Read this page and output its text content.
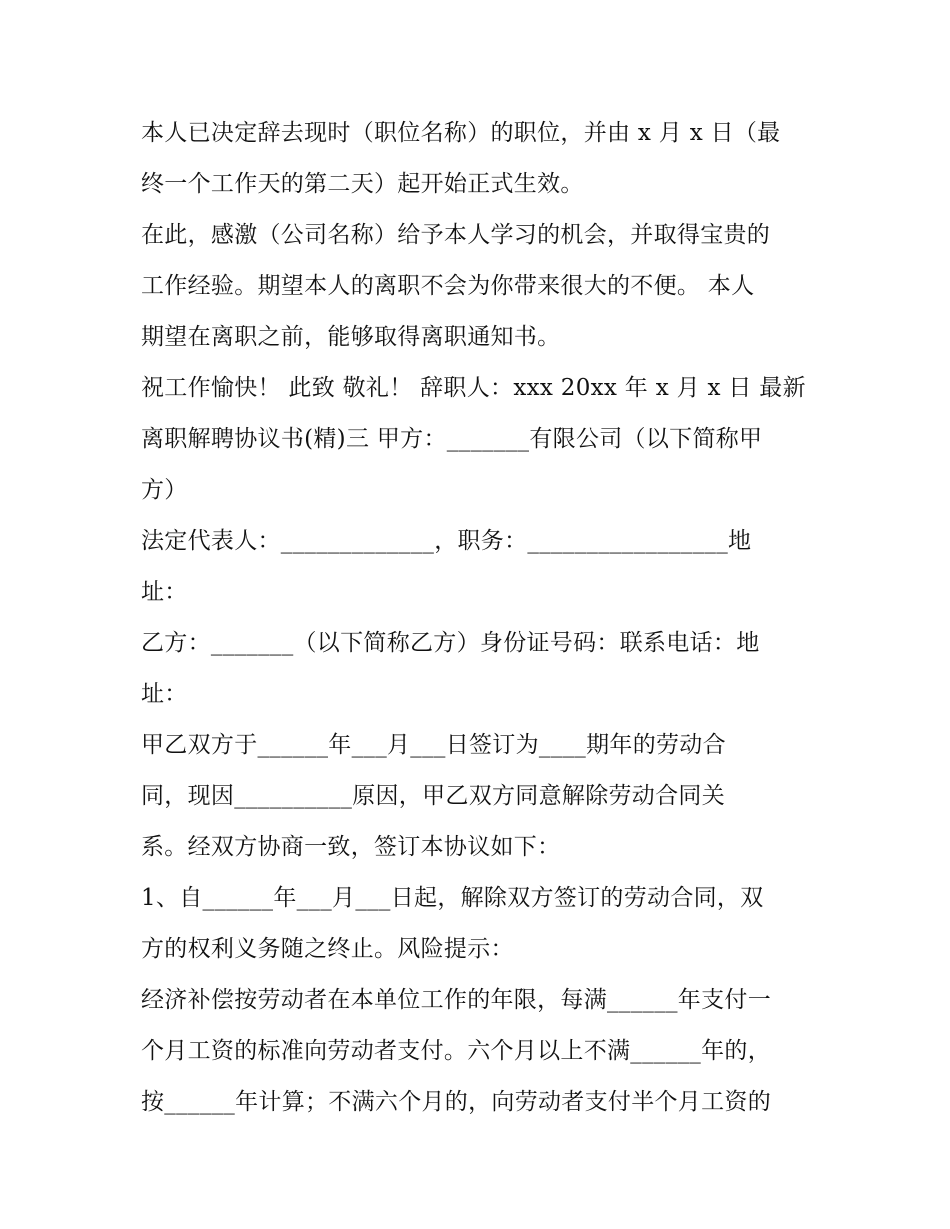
本人已决定辞去现时（职位名称）的职位，并由 x 月 x 日（最
终一个工作天的第二天）起开始正式生效。
在此，感激（公司名称）给予本人学习的机会，并取得宝贵的
工作经验。期望本人的离职不会为你带来很大的不便。 本人
期望在离职之前，能够取得离职通知书。
祝工作愉快！ 此致 敬礼！ 辞职人：xxx 20xx 年 x 月 x 日 最新
离职解聘协议书(精)三 甲方：_______有限公司（以下简称甲
方）
法定代表人：_____________，职务：_________________地
址：
乙方：_______（以下简称乙方）身份证号码：联系电话：地
址：
甲乙双方于______年___月___日签订为____期年的劳动合
同，现因__________原因，甲乙双方同意解除劳动合同关
系。经双方协商一致，签订本协议如下：
1、自______年___月___日起，解除双方签订的劳动合同，双
方的权利义务随之终止。风险提示：
经济补偿按劳动者在本单位工作的年限，每满______年支付一
个月工资的标准向劳动者支付。六个月以上不满______年的，
按______年计算；不满六个月的，向劳动者支付半个月工资的
